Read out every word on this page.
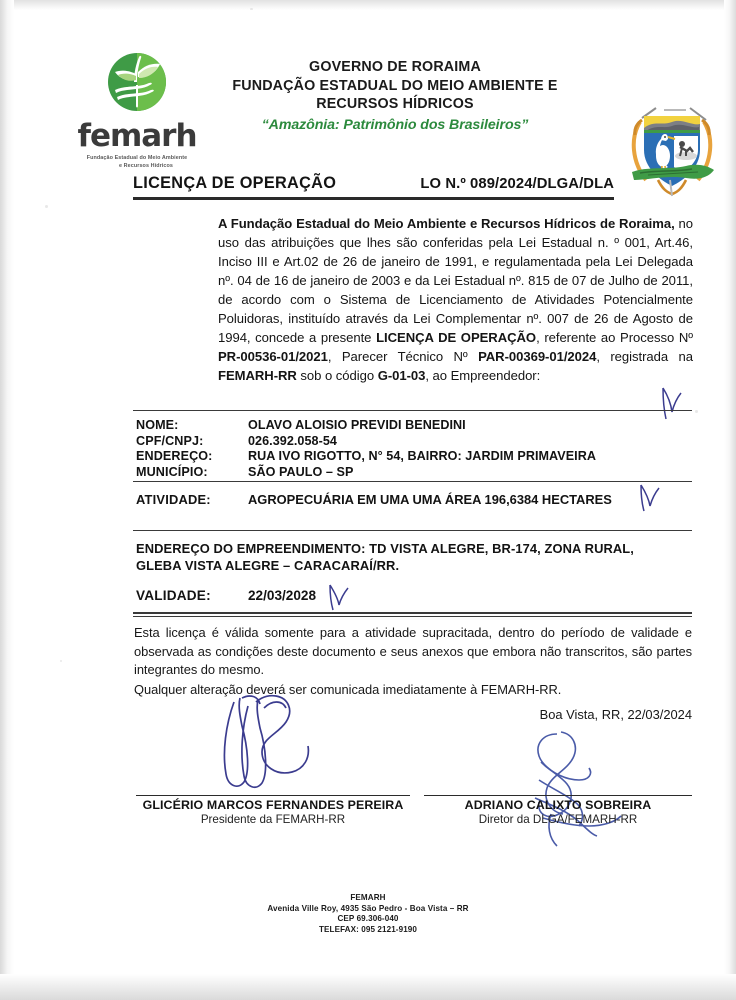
femarh
Fundação Estadual do Meio Ambiente
e Recursos Hídricos
GOVERNO DE RORAIMA
FUNDAÇÃO ESTADUAL DO MEIO AMBIENTE E
RECURSOS HÍDRICOS
“Amazônia: Patrimônio dos Brasileiros”
LICENÇA DE OPERAÇÃO	LO N.º 089/2024/DLGA/DLA
A Fundação Estadual do Meio Ambiente e Recursos Hídricos de Roraima, no uso das atribuições que lhes são conferidas pela Lei Estadual n. º 001, Art.46, Inciso III e Art.02 de 26 de janeiro de 1991, e regulamentada pela Lei Delegada nº. 04 de 16 de janeiro de 2003 e da Lei Estadual nº. 815 de 07 de Julho de 2011, de acordo com o Sistema de Licenciamento de Atividades Potencialmente Poluidoras, instituído através da Lei Complementar nº. 007 de 26 de Agosto de 1994, concede a presente LICENÇA DE OPERAÇÃO, referente ao Processo Nº PR-00536-01/2021, Parecer Técnico Nº PAR-00369-01/2024, registrada na FEMARH-RR sob o código G-01-03, ao Empreendedor:
NOME:	OLAVO ALOISIO PREVIDI BENEDINI
CPF/CNPJ:	026.392.058-54
ENDEREÇO:	RUA IVO RIGOTTO, N° 54, BAIRRO: JARDIM PRIMAVEIRA
MUNICÍPIO:	SÃO PAULO – SP
ATIVIDADE:	AGROPECUÁRIA EM UMA UMA ÁREA 196,6384 HECTARES
ENDEREÇO DO EMPREENDIMENTO: TD VISTA ALEGRE, BR-174, ZONA RURAL,
GLEBA VISTA ALEGRE – CARACARAÍ/RR.
VALIDADE:	22/03/2028
Esta licença é válida somente para a atividade supracitada, dentro do período de validade e observada as condições deste documento e seus anexos que embora não transcritos, são partes integrantes do mesmo.
Qualquer alteração deverá ser comunicada imediatamente à FEMARH-RR.
Boa Vista, RR, 22/03/2024
GLICÉRIO MARCOS FERNANDES PEREIRA
Presidente da FEMARH-RR
ADRIANO CALIXTO SOBREIRA
Diretor da DLGA/FEMARH-RR
FEMARH
Avenida Ville Roy, 4935 São Pedro - Boa Vista – RR
CEP 69.306-040
TELEFAX: 095 2121-9190
